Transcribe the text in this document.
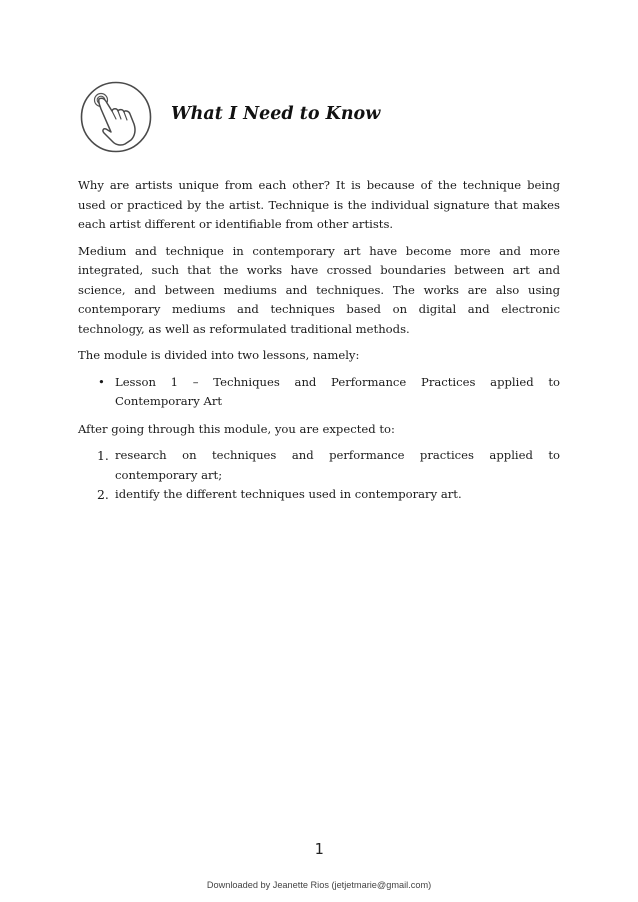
What I Need to Know

Why are artists unique from each other? It is because of the technique being used or practiced by the artist. Technique is the individual signature that makes each artist different or identifiable from other artists.

Medium and technique in contemporary art have become more and more integrated, such that the works have crossed boundaries between art and science, and between mediums and techniques. The works are also using contemporary mediums and techniques based on digital and electronic technology, as well as reformulated traditional methods.

The module is divided into two lessons, namely:

• Lesson 1 – Techniques and Performance Practices applied to Contemporary Art

After going through this module, you are expected to:

1. research on techniques and performance practices applied to contemporary art;
2. identify the different techniques used in contemporary art.
1
Downloaded by Jeanette Rios (jetjetmarie@gmail.com)
